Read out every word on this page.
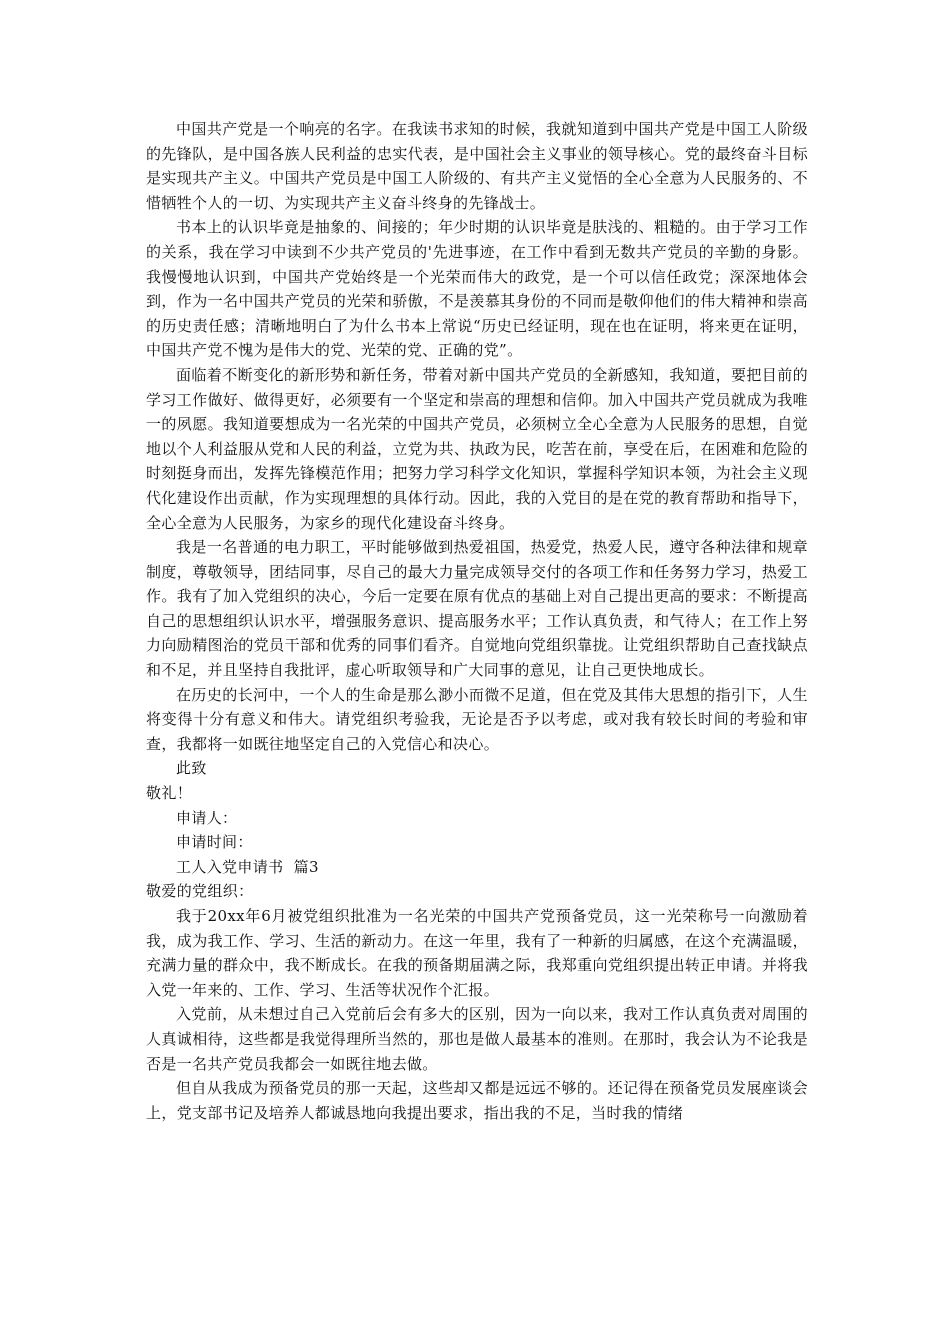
中国共产党是一个响亮的名字。在我读书求知的时候，我就知道到中国共产党是中国工人阶级的先锋队，是中国各族人民利益的忠实代表，是中国社会主义事业的领导核心。党的最终奋斗目标是实现共产主义。中国共产党员是中国工人阶级的、有共产主义觉悟的全心全意为人民服务的、不惜牺牲个人的一切、为实现共产主义奋斗终身的先锋战士。

书本上的认识毕竟是抽象的、间接的；年少时期的认识毕竟是肤浅的、粗糙的。由于学习工作的关系，我在学习中读到不少共产党员的'先进事迹，在工作中看到无数共产党员的辛勤的身影。我慢慢地认识到，中国共产党始终是一个光荣而伟大的政党，是一个可以信任政党；深深地体会到，作为一名中国共产党员的光荣和骄傲，不是羡慕其身份的不同而是敬仰他们的伟大精神和崇高的历史责任感；清晰地明白了为什么书本上常说“历史已经证明，现在也在证明，将来更在证明，中国共产党不愧为是伟大的党、光荣的党、正确的党”。

面临着不断变化的新形势和新任务，带着对新中国共产党员的全新感知，我知道，要把目前的学习工作做好、做得更好，必须要有一个坚定和崇高的理想和信仰。加入中国共产党员就成为我唯一的夙愿。我知道要想成为一名光荣的中国共产党员，必须树立全心全意为人民服务的思想，自觉地以个人利益服从党和人民的利益，立党为共、执政为民，吃苦在前，享受在后，在困难和危险的时刻挺身而出，发挥先锋模范作用；把努力学习科学文化知识，掌握科学知识本领，为社会主义现代化建设作出贡献，作为实现理想的具体行动。因此，我的入党目的是在党的教育帮助和指导下，全心全意为人民服务，为家乡的现代化建设奋斗终身。

我是一名普通的电力职工，平时能够做到热爱祖国，热爱党，热爱人民，遵守各种法律和规章制度，尊敬领导，团结同事，尽自己的最大力量完成领导交付的各项工作和任务努力学习，热爱工作。我有了加入党组织的决心，今后一定要在原有优点的基础上对自己提出更高的要求：不断提高自己的思想组织认识水平，增强服务意识、提高服务水平；工作认真负责，和气待人；在工作上努力向励精图治的党员干部和优秀的同事们看齐。自觉地向党组织靠拢。让党组织帮助自己查找缺点和不足，并且坚持自我批评，虚心听取领导和广大同事的意见，让自己更快地成长。

在历史的长河中，一个人的生命是那么渺小而微不足道，但在党及其伟大思想的指引下，人生将变得十分有意义和伟大。请党组织考验我，无论是否予以考虑，或对我有较长时间的考验和审查，我都将一如既往地坚定自己的入党信心和决心。

此致

敬礼！

申请人：

申请时间：

工人入党申请书  篇3

敬爱的党组织：

我于20xx年6月被党组织批准为一名光荣的中国共产党预备党员，这一光荣称号一向激励着我，成为我工作、学习、生活的新动力。在这一年里，我有了一种新的归属感，在这个充满温暖，充满力量的群众中，我不断成长。在我的预备期届满之际，我郑重向党组织提出转正申请。并将我入党一年来的、工作、学习、生活等状况作个汇报。

入党前，从未想过自己入党前后会有多大的区别，因为一向以来，我对工作认真负责对周围的人真诚相待，这些都是我觉得理所当然的，那也是做人最基本的准则。在那时，我会认为不论我是否是一名共产党员我都会一如既往地去做。

但自从我成为预备党员的那一天起，这些却又都是远远不够的。还记得在预备党员发展座谈会上，党支部书记及培养人都诚恳地向我提出要求，指出我的不足，当时我的情绪
